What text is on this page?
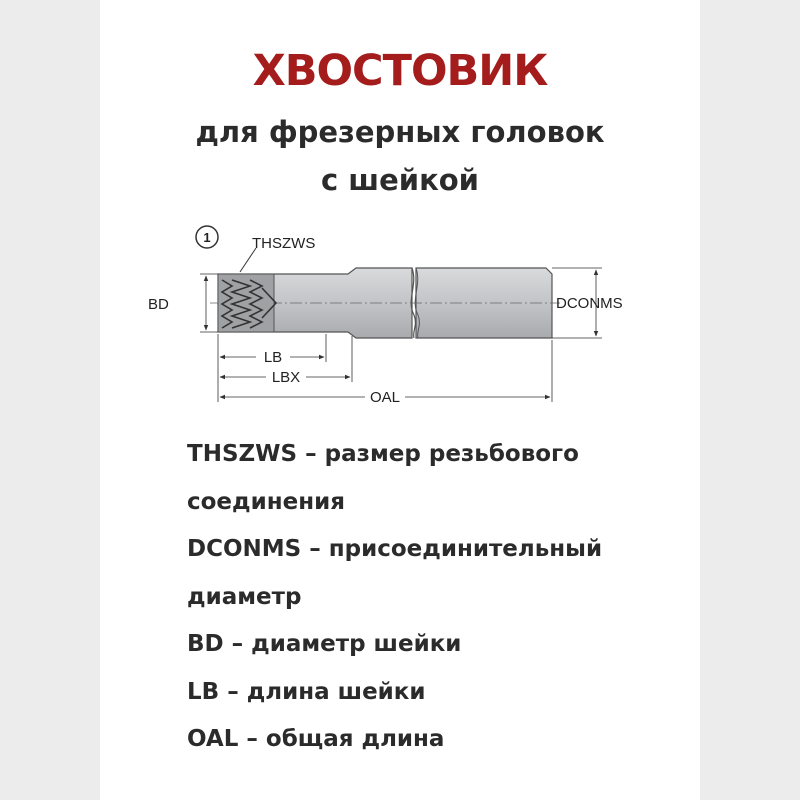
ХВОСТОВИК
для фрезерных головок
с шейкой
1	THSZWS
BD	DCONMS
LB
LBX
OAL
THSZWS – размер резьбового
соединения
DCONMS – присоединительный
диаметр
BD – диаметр шейки
LB – длина шейки
OAL – общая длина
